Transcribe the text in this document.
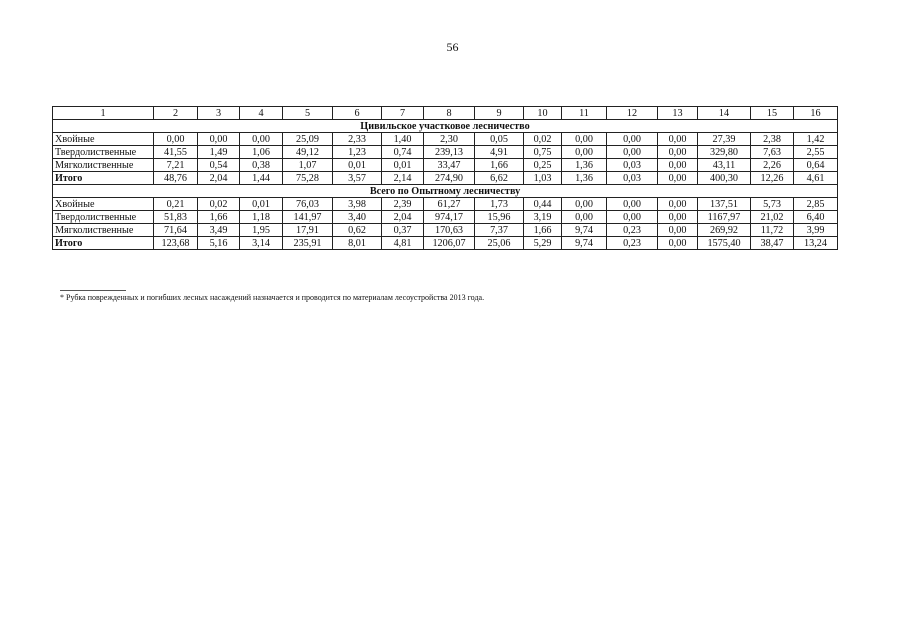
56
1	2	3	4	5	6	7	8	9	10	11	12	13	14	15	16
Цивильское участковое лесничество															
Хвойные	0,00	0,00	0,00	25,09	2,33	1,40	2,30	0,05	0,02	0,00	0,00	0,00	27,39	2,38	1,42
Твердолиственные	41,55	1,49	1,06	49,12	1,23	0,74	239,13	4,91	0,75	0,00	0,00	0,00	329,80	7,63	2,55
Мягколиственные	7,21	0,54	0,38	1,07	0,01	0,01	33,47	1,66	0,25	1,36	0,03	0,00	43,11	2,26	0,64
Итого	48,76	2,04	1,44	75,28	3,57	2,14	274,90	6,62	1,03	1,36	0,03	0,00	400,30	12,26	4,61
Всего по Опытному лесничеству															
Хвойные	0,21	0,02	0,01	76,03	3,98	2,39	61,27	1,73	0,44	0,00	0,00	0,00	137,51	5,73	2,85
Твердолиственные	51,83	1,66	1,18	141,97	3,40	2,04	974,17	15,96	3,19	0,00	0,00	0,00	1167,97	21,02	6,40
Мягколиственные	71,64	3,49	1,95	17,91	0,62	0,37	170,63	7,37	1,66	9,74	0,23	0,00	269,92	11,72	3,99
Итого	123,68	5,16	3,14	235,91	8,01	4,81	1206,07	25,06	5,29	9,74	0,23	0,00	1575,40	38,47	13,24
* Рубка поврежденных и погибших лесных насаждений назначается и проводится по материалам лесоустройства 2013 года.
